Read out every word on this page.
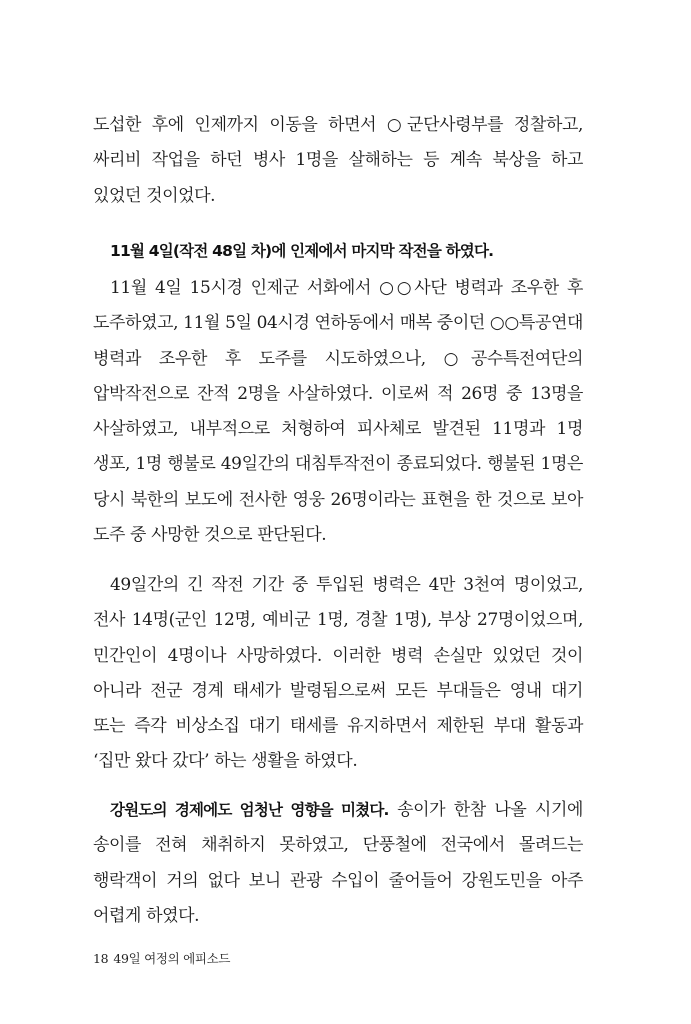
도섭한 후에 인제까지 이동을 하면서 ○군단사령부를 정찰하고, 싸리비 작업을 하던 병사 1명을 살해하는 등 계속 북상을 하고 있었던 것이었다.

11월 4일(작전 48일 차)에 인제에서 마지막 작전을 하였다.

11월 4일 15시경 인제군 서화에서 ○○사단 병력과 조우한 후 도주하였고, 11월 5일 04시경 연하동에서 매복 중이던 ○○특공연대 병력과 조우한 후 도주를 시도하였으나, ○공수특전여단의 압박작전으로 잔적 2명을 사살하였다. 이로써 적 26명 중 13명을 사살하였고, 내부적으로 처형하여 피사체로 발견된 11명과 1명 생포, 1명 행불로 49일간의 대침투작전이 종료되었다. 행불된 1명은 당시 북한의 보도에 전사한 영웅 26명이라는 표현을 한 것으로 보아 도주 중 사망한 것으로 판단된다.

49일간의 긴 작전 기간 중 투입된 병력은 4만 3천여 명이었고, 전사 14명(군인 12명, 예비군 1명, 경찰 1명), 부상 27명이었으며, 민간인이 4명이나 사망하였다. 이러한 병력 손실만 있었던 것이 아니라 전군 경계 태세가 발령됨으로써 모든 부대들은 영내 대기 또는 즉각 비상소집 대기 태세를 유지하면서 제한된 부대 활동과 ‘집만 왔다 갔다’ 하는 생활을 하였다.

강원도의 경제에도 엄청난 영향을 미쳤다. 송이가 한참 나올 시기에 송이를 전혀 채취하지 못하였고, 단풍철에 전국에서 몰려드는 행락객이 거의 없다 보니 관광 수입이 줄어들어 강원도민을 아주 어렵게 하였다.

18 49일 여정의 에피소드
